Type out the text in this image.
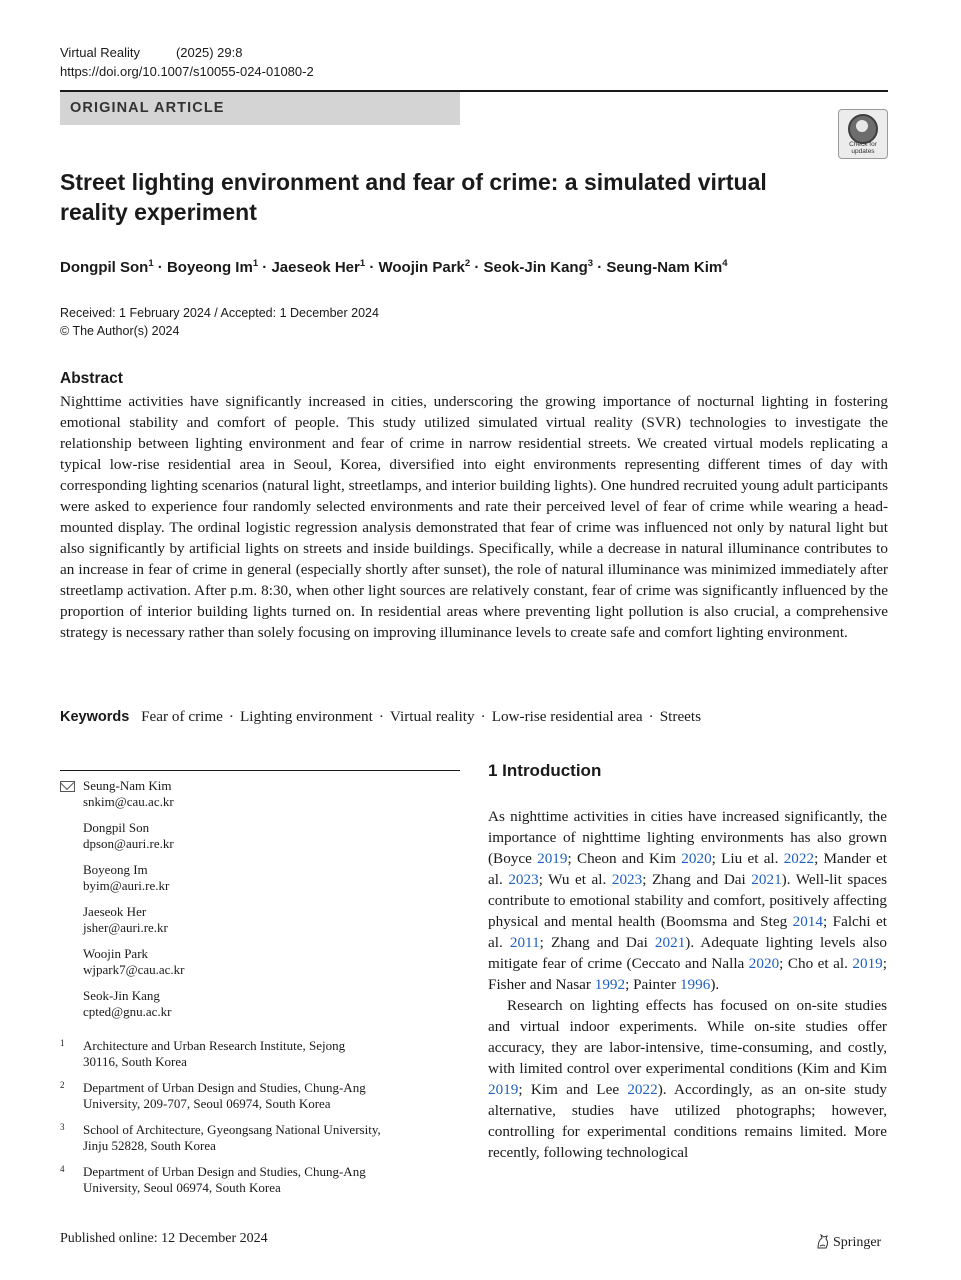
Virtual Reality	(2025) 29:8
https://doi.org/10.1007/s10055-024-01080-2
ORIGINAL ARTICLE
Check for updates
Street lighting environment and fear of crime: a simulated virtual reality experiment
Dongpil Son$^1$ · Boyeong $Im^1$ · Jaeseok Her$^1$ · Woojin Park$^2$ · Seok-Jin Kang$^3$ · Seung-Nam Kim$^4$
Received: 1 February 2024 / Accepted: 1 December 2024
© The Author(s) 2024
Abstract
Nighttime activities have significantly increased in cities, underscoring the growing importance of nocturnal lighting in fostering emotional stability and comfort of people. This study utilized simulated virtual reality (SVR) technologies to investigate the relationship between lighting environment and fear of crime in narrow residential streets. We created virtual models replicating a typical low-rise residential area in Seoul, Korea, diversified into eight environments representing different times of day with corresponding lighting scenarios (natural light, streetlamps, and interior building lights). One hundred recruited young adult participants were asked to experience four randomly selected environments and rate their perceived level of fear of crime while wearing a head-mounted display. The ordinal logistic regression analysis demonstrated that fear of crime was influenced not only by natural light but also significantly by artificial lights on streets and inside buildings. Specifically, while a decrease in natural illuminance contributes to an increase in fear of crime in general (especially shortly after sunset), the role of natural illuminance was minimized immediately after streetlamp activation. After p.m. 8:30, when other light sources are relatively constant, fear of crime was significantly influenced by the proportion of interior building lights turned on. In residential areas where preventing light pollution is also crucial, a comprehensive strategy is necessary rather than solely focusing on improving illuminance levels to create safe and comfort lighting environment.
Keywords Fear of crime · Lighting environment · Virtual reality · Low-rise residential area · Streets
Seung-Nam Kim
snkim@cau.ac.kr
Dongpil Son
dpson@auri.re.kr
Boyeong Im
byim@auri.re.kr
Jaeseok Her
jsher@auri.re.kr
Woojin Park
wjpark7@cau.ac.kr
Seok-Jin Kang
cpted@gnu.ac.kr
1 Architecture and Urban Research Institute, Sejong
30116, South Korea
2 Department of Urban Design and Studies, Chung-Ang
University, 209-707, Seoul 06974, South Korea
3 School of Architecture, Gyeongsang National University,
Jinju 52828, South Korea
4 Department of Urban Design and Studies, Chung-Ang
University, Seoul 06974, South Korea
1 Introduction

As nighttime activities in cities have increased significantly, the importance of nighttime lighting environments has also grown (Boyce 2019; Cheon and Kim 2020; Liu et al. 2022; Mander et al. 2023; Wu et al. 2023; Zhang and Dai 2021). Well-lit spaces contribute to emotional stability and comfort, positively affecting physical and mental health (Boomsma and Steg 2014; Falchi et al. 2011; Zhang and Dai 2021). Adequate lighting levels also mitigate fear of crime (Ceccato and Nalla 2020; Cho et al. 2019; Fisher and Nasar 1992; Painter 1996).

Research on lighting effects has focused on on-site studies and virtual indoor experiments. While on-site studies offer accuracy, they are labor-intensive, time-consuming, and costly, with limited control over experimental conditions (Kim and Kim 2019; Kim and Lee 2022). Accordingly, as an on-site study alternative, studies have utilized photographs; however, controlling for experimental conditions remains limited. More recently, following technological

Published online: 12 December 2024	Springer
